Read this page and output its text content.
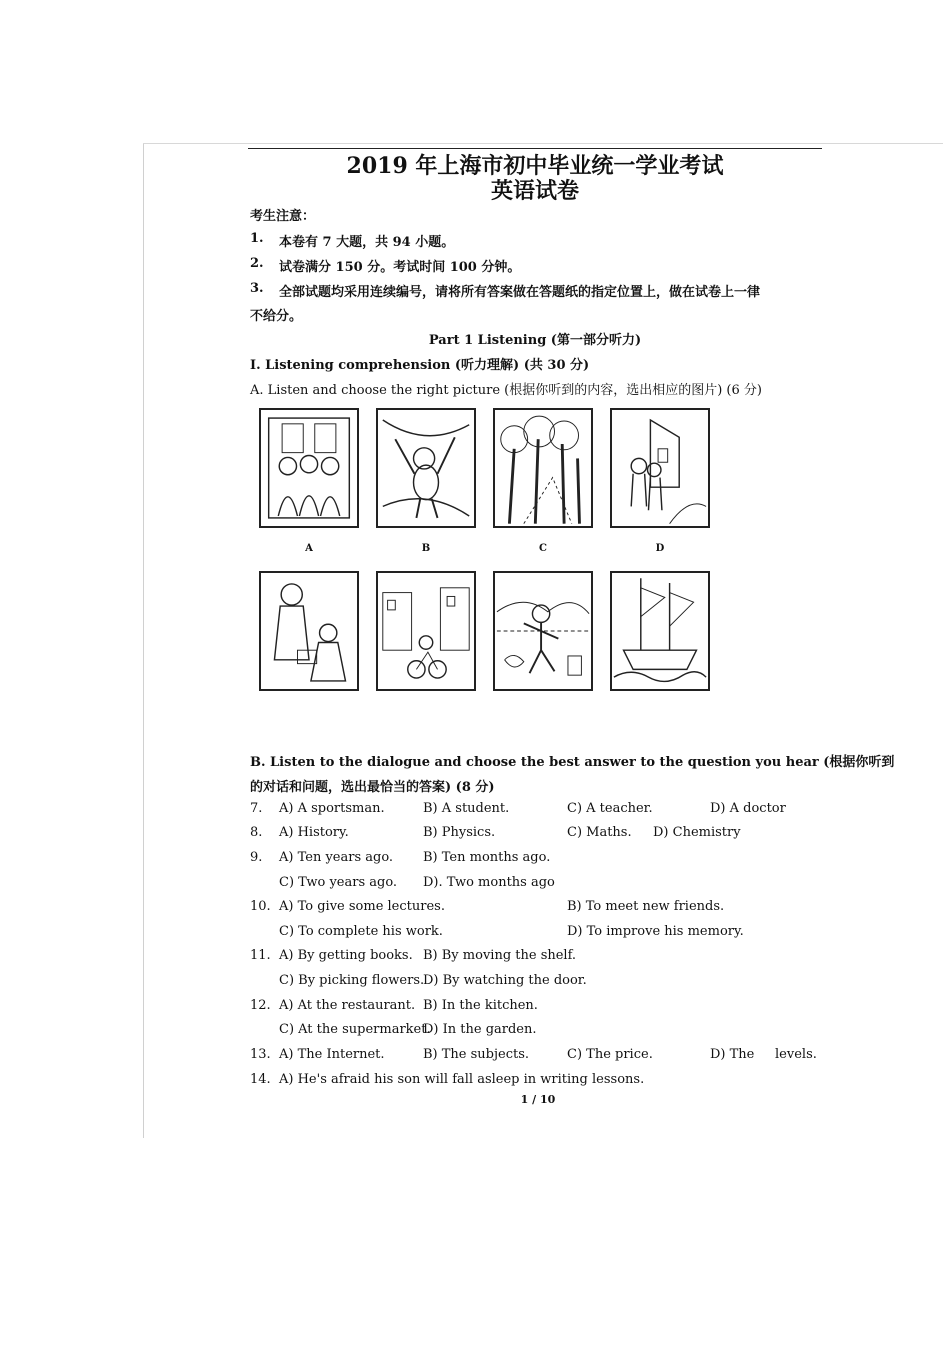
2019 年上海市初中毕业统一学业考试
英语试卷
考生注意：
1. 本卷有 7 大题，共 94 小题。
2. 试卷满分 150 分。考试时间 100 分钟。
3. 全部试题均采用连续编号，请将所有答案做在答题纸的指定位置上，做在试卷上一律
不给分。
Part 1 Listening (第一部分听力)
I. Listening comprehension (听力理解) (共 30 分)
A. Listen and choose the right picture (根据你听到的内容，选出相应的图片) (6 分)
A	B	C	D
B. Listen to the dialogue and choose the best answer to the question you hear (根据你听到
的对话和问题，选出最恰当的答案) (8 分)
7. A) A sportsman.	B) A student.	C) A teacher.	D) A doctor
8. A) History.	B) Physics.	C) Maths. D) Chemistry
9. A) Ten years ago. B) Ten months ago.
C) Two years ago. D). Two months ago
10. A) To give some lectures.	B) To meet new friends.
C) To complete his work.	D) To improve his memory.
11. A) By getting books. B) By moving the shelf.
C) By picking flowers.
D) By watching the door.
12. A) At the restaurant. B) In the kitchen.
C) At the supermarket.
D) In the garden.
13. A) The Internet.	B) The subjects.	C) The price.	D) The     levels.
14. A) He's afraid his son will fall asleep in writing lessons.
1 / 10
